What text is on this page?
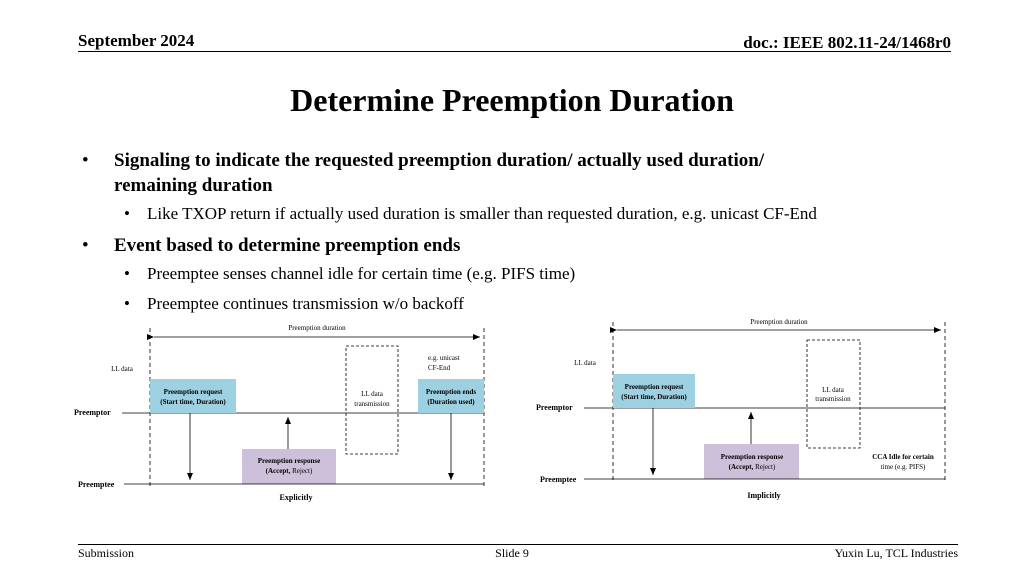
September 2024	doc.: IEEE 802.11-24/1468r0
Determine Preemption Duration
• Signaling to indicate the requested preemption duration/ actually used duration/
remaining duration
• Like TXOP return if actually used duration is smaller than requested duration, e.g. unicast CF-End
• Event based to determine preemption ends
• Preemptee senses channel idle for certain time (e.g. PIFS time)
• Preemptee continues transmission w/o backoff
Preemption duration
LL data
LL data
transmission
e.g. unicast
CF-End
Preemptor
Preemption request
(Start time, Duration)
Preemption ends
(Duration used)
Preemption response
(Accept, Reject)
Preemptee
Explicitly
Preemption duration
LL data
LL data
transmission
Preemptor
Preemption request
(Start time, Duration)
Preemption response
(Accept, Reject)
CCA Idle for certain
time (e.g. PIFS)
Preemptee
Implicitly
Submission	Slide 9	Yuxin Lu, TCL Industries
